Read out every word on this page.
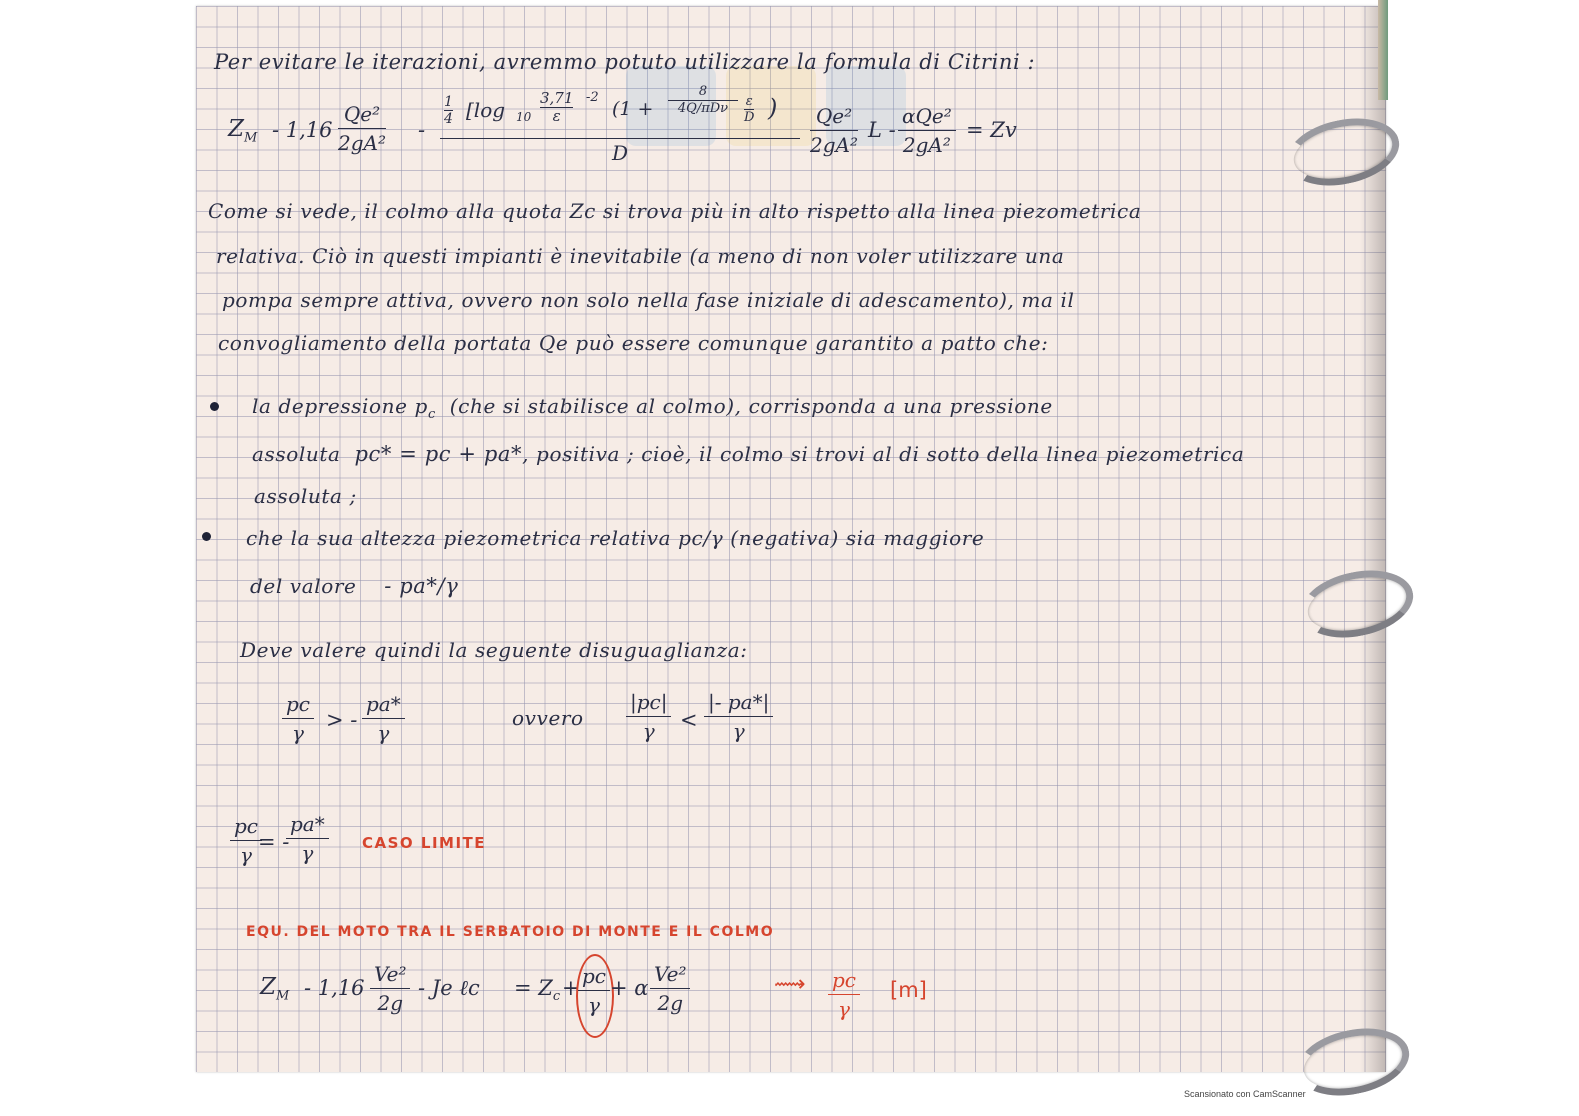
Per evitare le iterazioni, avremmo potuto utilizzare la formula di Citrini :
$Z_M - 1,16 \frac{\text{Qe²}}{\text{2gA²}}$ -
1
4 [log 10
3,71
ε
-2
(1 +
8
4Q/πDν	ε
D )
D	$\frac{\text{Qe²}}{\text{2gA²}}$ L -
αQe²
2gA²
= Zv
Come si vede, il colmo alla quota Zc si trova più in alto rispetto alla linea piezometrica
relativa. Ciò in questi impianti è inevitabile (a meno di non voler utilizzare una
pompa sempre attiva, ovvero non solo nella fase iniziale di adescamento), ma il
convogliamento della portata Qe può essere comunque garantito a patto che:
la depressione $p_c$ (che si stabilisce al colmo), corrisponda a una pressione
assoluta pc* = pc + pa*, positiva ; cioè, il colmo si trovi al di sotto della linea piezometrica
assoluta ;
che la sua altezza piezometrica relativa pc/γ (negativa) sia maggiore
del valore - pa*/γ
Deve valere quindi la seguente disuguaglianza:
$\frac{pc}{\gamma}$ > - $\frac{pa*}{\gamma}$	ovvero $\frac{|pc|}{\gamma} < \frac{|- pa*|}{\gamma}$
$\frac{pc}{\gamma}$
= -
$\frac{pa*}{\gamma}$ CASO LIMITE
EQU. DEL MOTO TRA IL SERBATOIO DI MONTE E IL COLMO
$Z_M - 1,16 \frac{\text{Ve²}}{2g}$ - Je ℓc = $Z_c$ +
$\frac{pc}{\gamma} + \alpha \frac{\text{Ve²}}{2g}$	⟿ $\frac{pc}{\gamma} [m]$
Scansionato con CamScanner
